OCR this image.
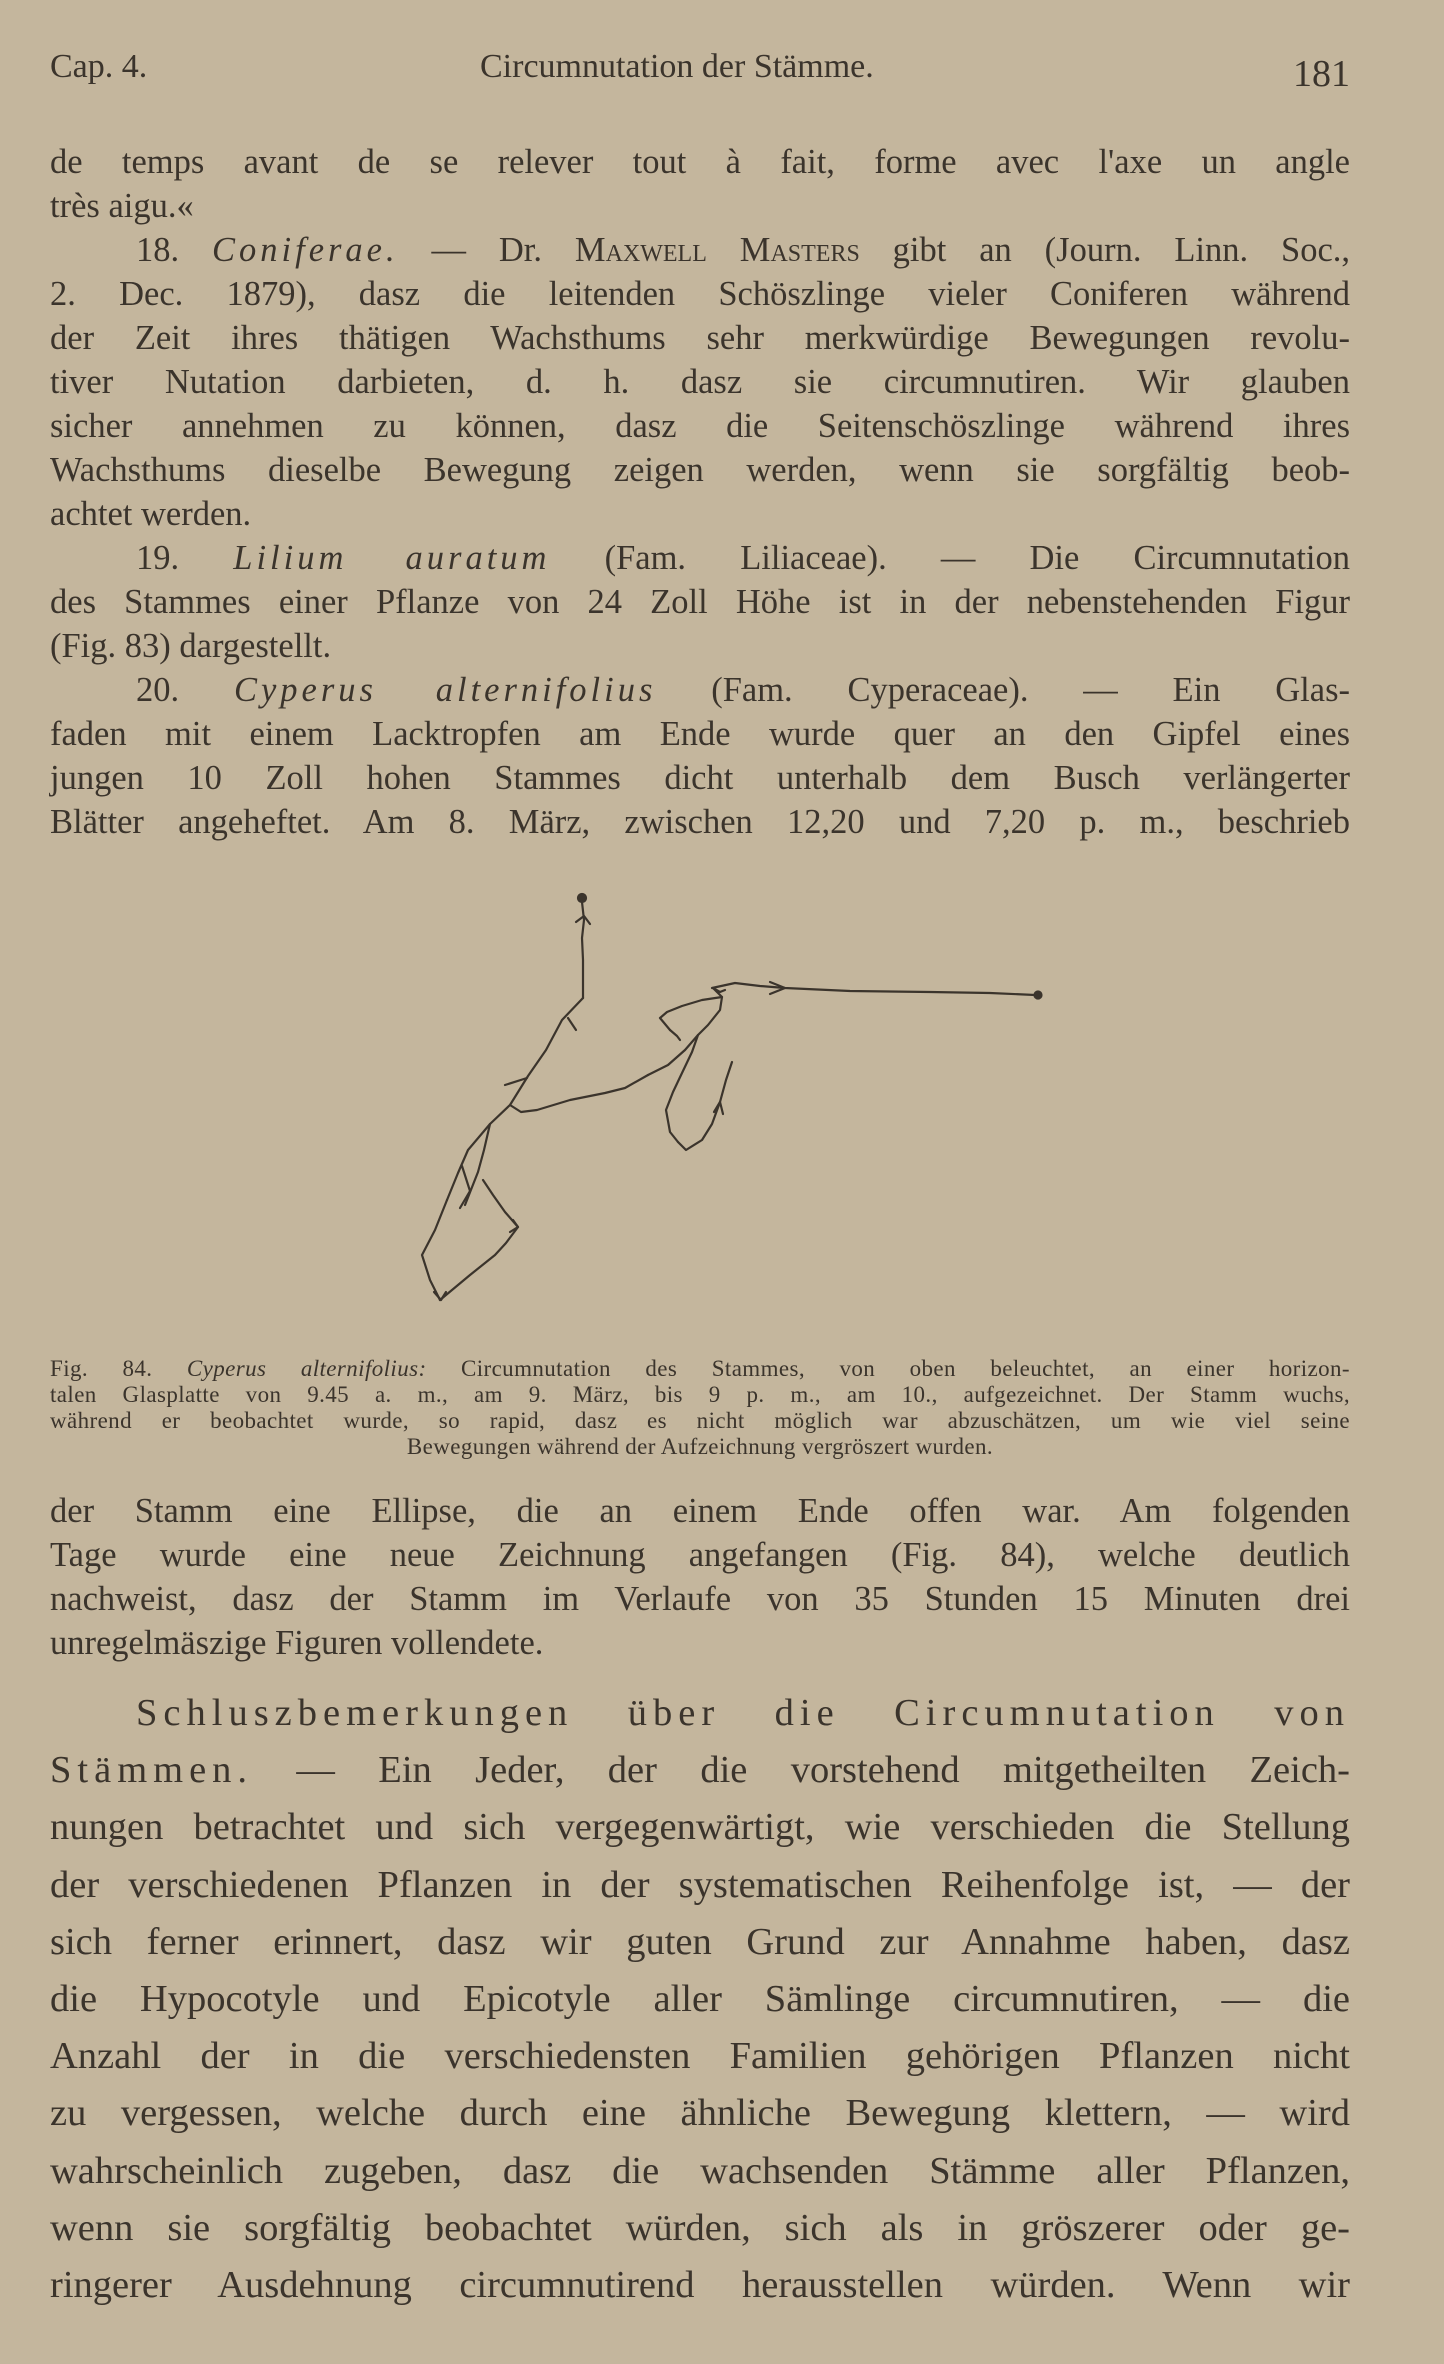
Cap. 4.	Circumnutation der Stämme.	181
de temps avant de se relever tout à fait, forme avec l'axe un angle
très aigu.«
18. Coniferae. — Dr. Maxwell Masters gibt an (Journ. Linn. Soc.,
2. Dec. 1879), dasz die leitenden Schöszlinge vieler Coniferen während
der Zeit ihres thätigen Wachsthums sehr merkwürdige Bewegungen revolu-
tiver Nutation darbieten, d. h. dasz sie circumnutiren. Wir glauben
sicher annehmen zu können, dasz die Seitenschöszlinge während ihres
Wachsthums dieselbe Bewegung zeigen werden, wenn sie sorgfältig beob-
achtet werden.
19. Lilium auratum (Fam. Liliaceae). — Die Circumnutation
des Stammes einer Pflanze von 24 Zoll Höhe ist in der nebenstehenden Figur
(Fig. 83) dargestellt.
20. Cyperus alternifolius (Fam. Cyperaceae). — Ein Glas-
faden mit einem Lacktropfen am Ende wurde quer an den Gipfel eines
jungen 10 Zoll hohen Stammes dicht unterhalb dem Busch verlängerter
Blätter angeheftet. Am 8. März, zwischen 12,20 und 7,20 p. m., beschrieb
Fig. 84. Cyperus alternifolius: Circumnutation des Stammes, von oben beleuchtet, an einer horizon-
talen Glasplatte von 9.45 a. m., am 9. März, bis 9 p. m., am 10., aufgezeichnet. Der Stamm wuchs,
während er beobachtet wurde, so rapid, dasz es nicht möglich war abzuschätzen, um wie viel seine
Bewegungen während der Aufzeichnung vergröszert wurden.
der Stamm eine Ellipse, die an einem Ende offen war. Am folgenden
Tage wurde eine neue Zeichnung angefangen (Fig. 84), welche deutlich
nachweist, dasz der Stamm im Verlaufe von 35 Stunden 15 Minuten drei
unregelmäszige Figuren vollendete.
Schluszbemerkungen über die Circumnutation von
Stämmen. — Ein Jeder, der die vorstehend mitgetheilten Zeich-
nungen betrachtet und sich vergegenwärtigt, wie verschieden die Stellung
der verschiedenen Pflanzen in der systematischen Reihenfolge ist, — der
sich ferner erinnert, dasz wir guten Grund zur Annahme haben, dasz
die Hypocotyle und Epicotyle aller Sämlinge circumnutiren, — die
Anzahl der in die verschiedensten Familien gehörigen Pflanzen nicht
zu vergessen, welche durch eine ähnliche Bewegung klettern, — wird
wahrscheinlich zugeben, dasz die wachsenden Stämme aller Pflanzen,
wenn sie sorgfältig beobachtet würden, sich als in gröszerer oder ge-
ringerer Ausdehnung circumnutirend herausstellen würden. Wenn wir
